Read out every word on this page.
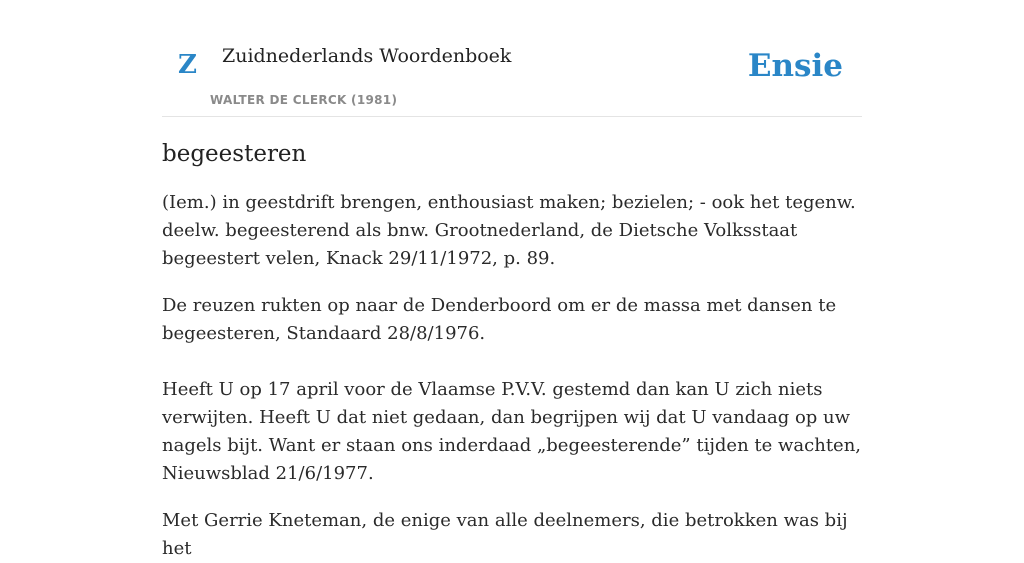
Z Zuidnederlands Woordenboek
WALTER DE CLERCK (1981)
Ensie
begeesteren

(Iem.) in geestdrift brengen, enthousiast maken; bezielen; - ook het tegenw. deelw. begeesterend als bnw. Grootnederland, de Dietsche Volksstaat begeestert velen, Knack 29/11/1972, p. 89.

De reuzen rukten op naar de Denderboord om er de massa met dansen te begeesteren, Standaard 28/8/1976.

Heeft U op 17 april voor de Vlaamse P.V.V. gestemd dan kan U zich niets verwijten. Heeft U dat niet gedaan, dan begrijpen wij dat U vandaag op uw nagels bijt. Want er staan ons inderdaad „begeesterende” tijden te wachten, Nieuwsblad 21/6/1977.

Met Gerrie Kneteman, de enige van alle deelnemers, die betrokken was bij het
